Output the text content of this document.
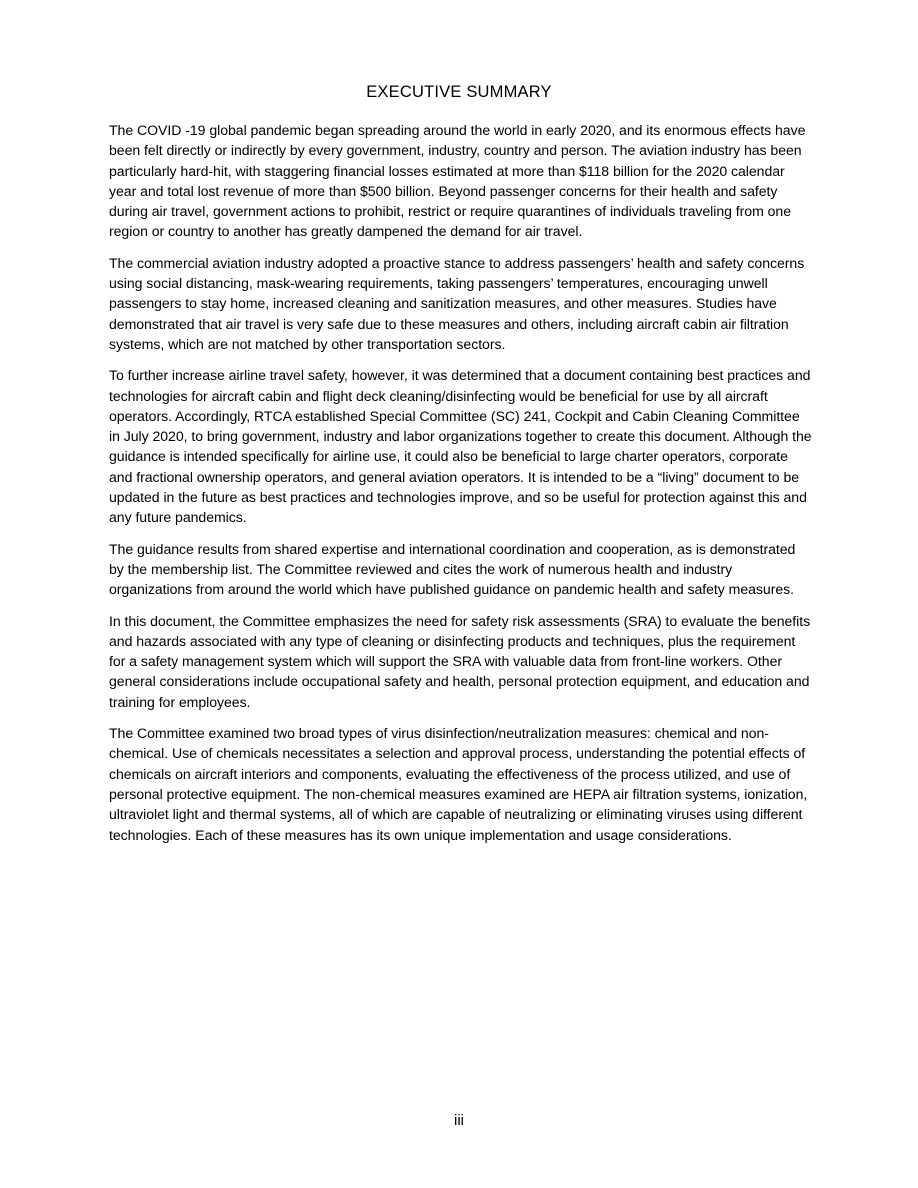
EXECUTIVE SUMMARY

The COVID -19 global pandemic began spreading around the world in early 2020, and its enormous effects have been felt directly or indirectly by every government, industry, country and person. The aviation industry has been particularly hard-hit, with staggering financial losses estimated at more than $118 billion for the 2020 calendar year and total lost revenue of more than $500 billion. Beyond passenger concerns for their health and safety during air travel, government actions to prohibit, restrict or require quarantines of individuals traveling from one region or country to another has greatly dampened the demand for air travel.

The commercial aviation industry adopted a proactive stance to address passengers’ health and safety concerns using social distancing, mask-wearing requirements, taking passengers’ temperatures, encouraging unwell passengers to stay home, increased cleaning and sanitization measures, and other measures. Studies have demonstrated that air travel is very safe due to these measures and others, including aircraft cabin air filtration systems, which are not matched by other transportation sectors.

To further increase airline travel safety, however, it was determined that a document containing best practices and technologies for aircraft cabin and flight deck cleaning/disinfecting would be beneficial for use by all aircraft operators. Accordingly, RTCA established Special Committee (SC) 241, Cockpit and Cabin Cleaning Committee in July 2020, to bring government, industry and labor organizations together to create this document. Although the guidance is intended specifically for airline use, it could also be beneficial to large charter operators, corporate and fractional ownership operators, and general aviation operators. It is intended to be a “living” document to be updated in the future as best practices and technologies improve, and so be useful for protection against this and any future pandemics.

The guidance results from shared expertise and international coordination and cooperation, as is demonstrated by the membership list. The Committee reviewed and cites the work of numerous health and industry organizations from around the world which have published guidance on pandemic health and safety measures.

In this document, the Committee emphasizes the need for safety risk assessments (SRA) to evaluate the benefits and hazards associated with any type of cleaning or disinfecting products and techniques, plus the requirement for a safety management system which will support the SRA with valuable data from front-line workers. Other general considerations include occupational safety and health, personal protection equipment, and education and training for employees.

The Committee examined two broad types of virus disinfection/neutralization measures: chemical and non-chemical. Use of chemicals necessitates a selection and approval process, understanding the potential effects of chemicals on aircraft interiors and components, evaluating the effectiveness of the process utilized, and use of personal protective equipment. The non-chemical measures examined are HEPA air filtration systems, ionization, ultraviolet light and thermal systems, all of which are capable of neutralizing or eliminating viruses using different technologies. Each of these measures has its own unique implementation and usage considerations.

iii
